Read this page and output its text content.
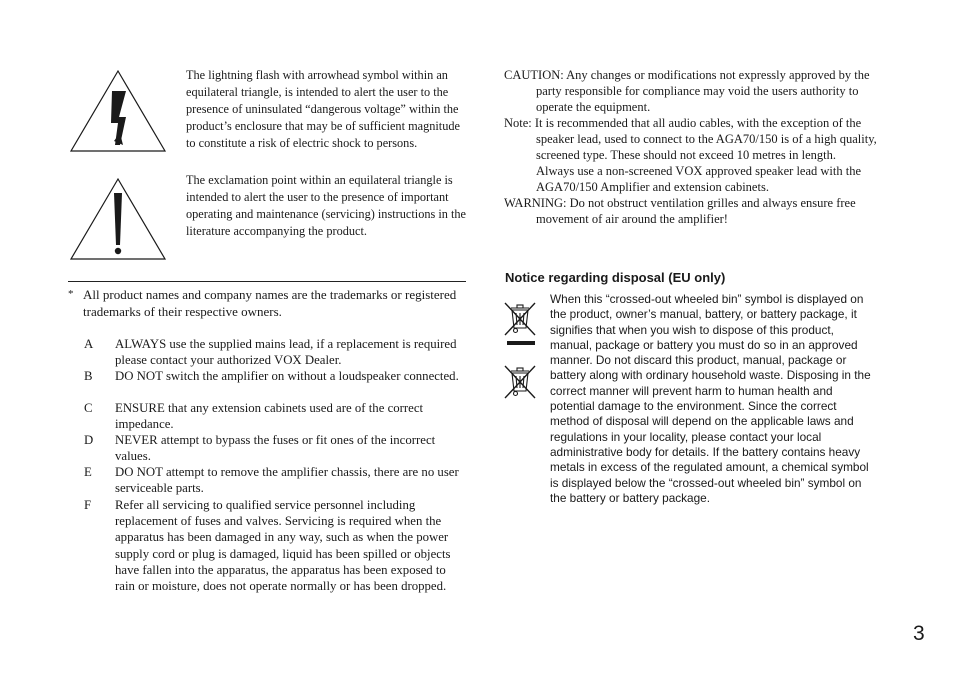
The lightning flash with arrowhead symbol within an equilateral triangle, is intended to alert the user to the presence of uninsulated “dangerous voltage” within the product’s enclosure that may be of sufficient magnitude to constitute a risk of electric shock to persons.
The exclamation point within an equilateral triangle is intended to alert the user to the presence of important operating and maintenance (servicing) instructions in the literature accompanying the product.
CAUTION: Any changes or modifications not expressly approved by the party responsible for compliance may void the users authority to operate the equipment.
Note: It is recommended that all audio cables, with the exception of the speaker lead, used to connect to the AGA70/150 is of a high quality, screened type. These should not exceed 10 metres in length.
Always use a non-screened VOX approved speaker lead with the AGA70/150 Amplifier and extension cabinets.
WARNING: Do not obstruct ventilation grilles and always ensure free movement of air around the amplifier!
* All product names and company names are the trademarks or registered trademarks of their respective owners.
A	ALWAYS use the supplied mains lead, if a replacement is required please contact your authorized VOX Dealer.
B	DO NOT switch the amplifier on without a loudspeaker connected.
C	ENSURE that any extension cabinets used are of the correct impedance.
D	NEVER attempt to bypass the fuses or fit ones of the incorrect values.
E	DO NOT attempt to remove the amplifier chassis, there are no user serviceable parts.
F	Refer all servicing to qualified service personnel including replacement of fuses and valves. Servicing is required when the apparatus has been damaged in any way, such as when the power supply cord or plug is damaged, liquid has been spilled or objects have fallen into the apparatus, the apparatus has been exposed to rain or moisture, does not operate normally or has been dropped.
Notice regarding disposal (EU only)
When this “crossed-out wheeled bin” symbol is displayed on the product, owner’s manual, battery, or battery package, it signifies that when you wish to dispose of this product, manual, package or battery you must do so in an approved manner. Do not discard this product, manual, package or battery along with ordinary household waste. Disposing in the correct manner will prevent harm to human health and potential damage to the environment. Since the correct method of disposal will depend on the applicable laws and regulations in your locality, please contact your local administrative body for details. If the battery contains heavy metals in excess of the regulated amount, a chemical symbol is displayed below the “crossed-out wheeled bin” symbol on the battery or battery package.
3
